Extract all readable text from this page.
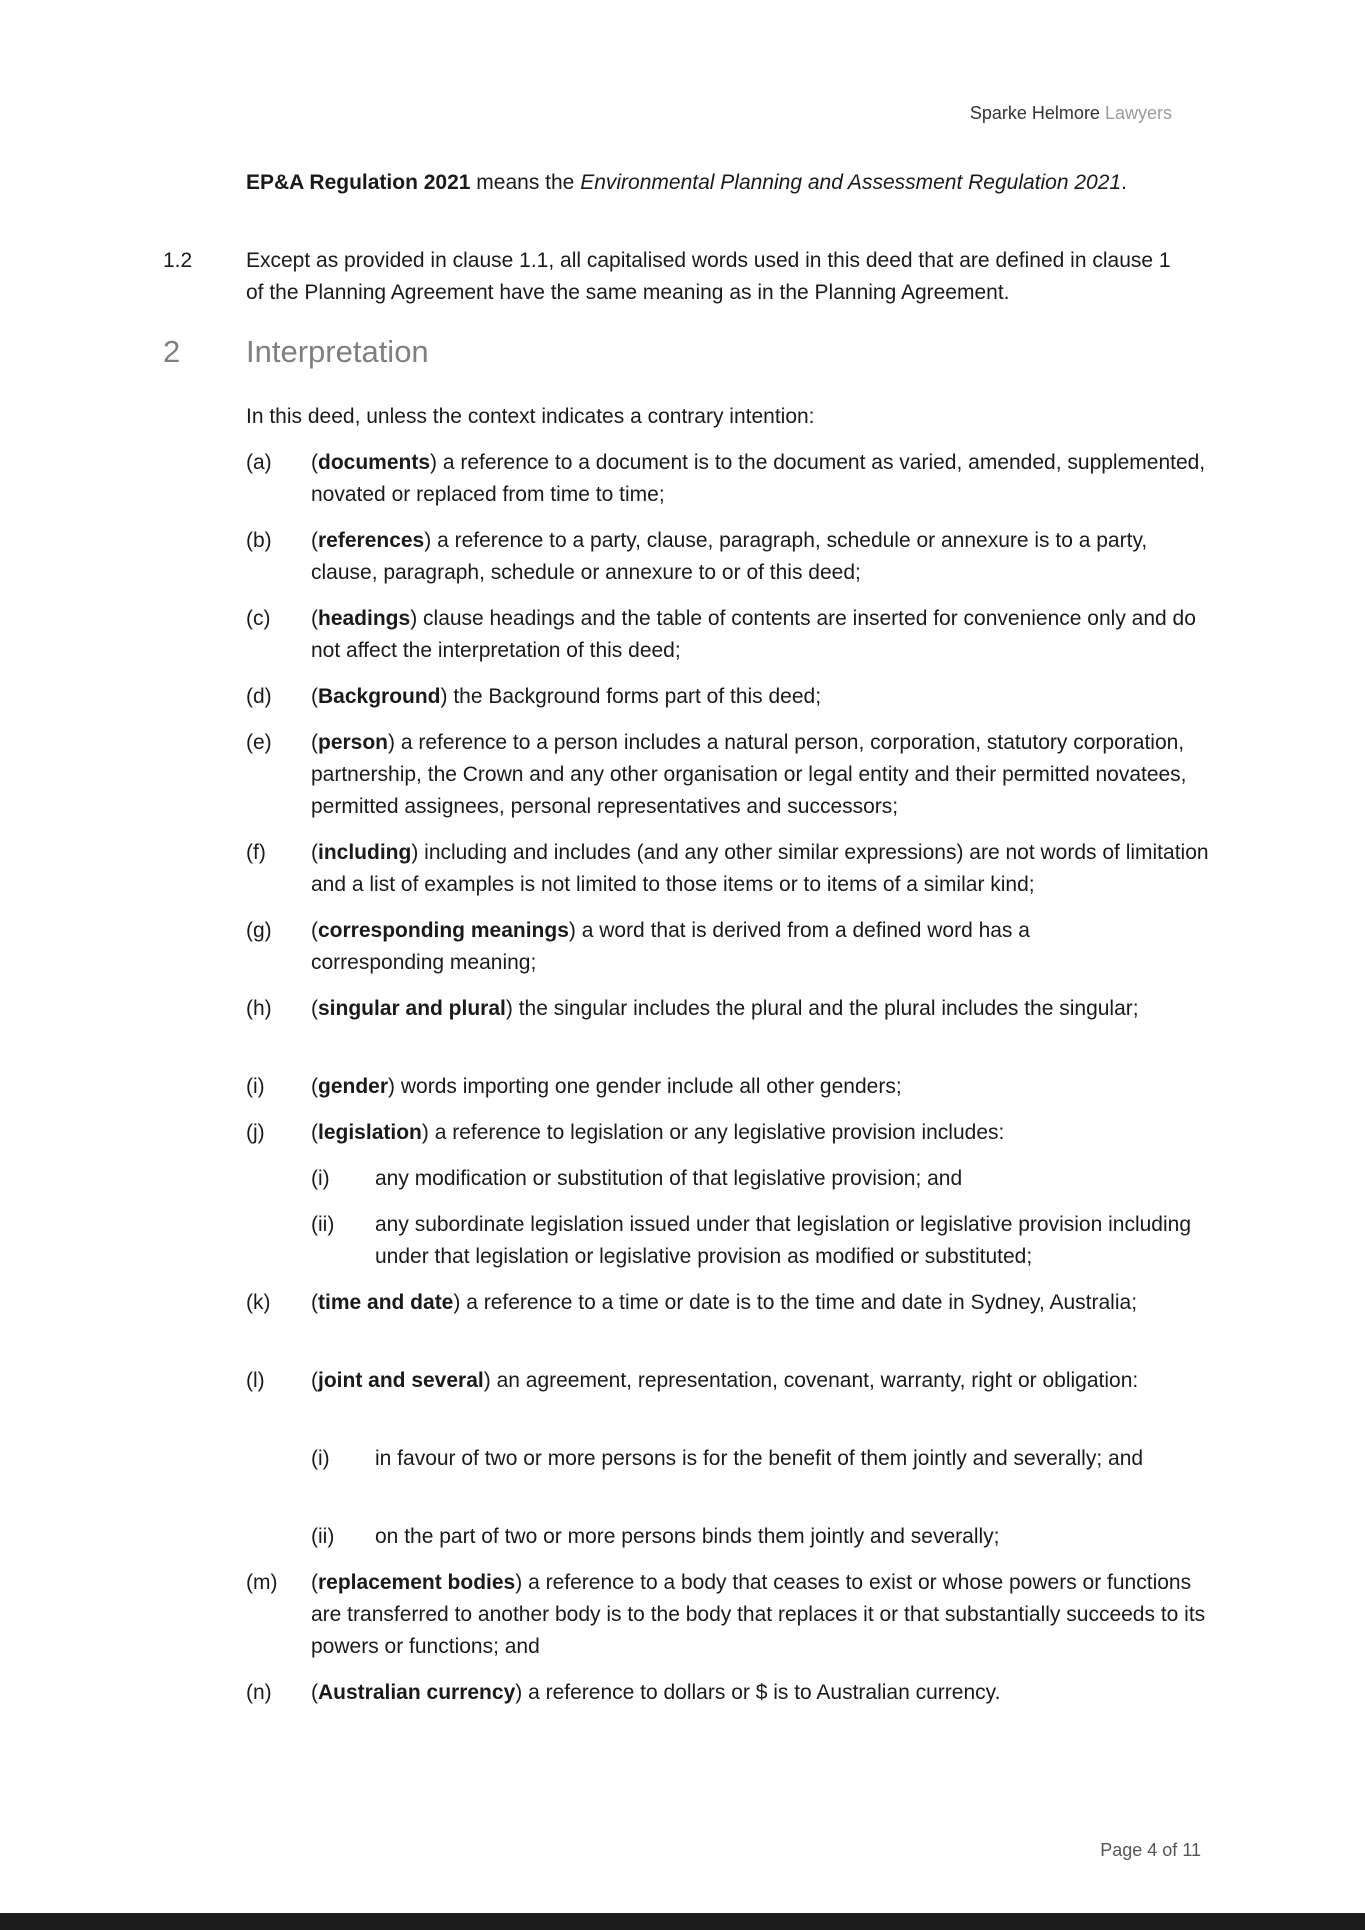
Sparke Helmore Lawyers

EP&A Regulation 2021 means the Environmental Planning and Assessment Regulation 2021.

1.2	Except as provided in clause 1.1, all capitalised words used in this deed that are defined in clause 1 of the Planning Agreement have the same meaning as in the Planning Agreement.

2 Interpretation

In this deed, unless the context indicates a contrary intention:

(a) (documents) a reference to a document is to the document as varied, amended, supplemented, novated or replaced from time to time;

(b) (references) a reference to a party, clause, paragraph, schedule or annexure is to a party, clause, paragraph, schedule or annexure to or of this deed;

(c) (headings) clause headings and the table of contents are inserted for convenience only and do not affect the interpretation of this deed;

(d) (Background) the Background forms part of this deed;

(e) (person) a reference to a person includes a natural person, corporation, statutory corporation, partnership, the Crown and any other organisation or legal entity and their permitted novatees, permitted assignees, personal representatives and successors;

(f) (including) including and includes (and any other similar expressions) are not words of limitation and a list of examples is not limited to those items or to items of a similar kind;

(g) (corresponding meanings) a word that is derived from a defined word has a corresponding meaning;

(h) (singular and plural) the singular includes the plural and the plural includes the singular;

(i) (gender) words importing one gender include all other genders;

(j) (legislation) a reference to legislation or any legislative provision includes:

(i) any modification or substitution of that legislative provision; and

(ii) any subordinate legislation issued under that legislation or legislative provision including under that legislation or legislative provision as modified or substituted;

(k) (time and date) a reference to a time or date is to the time and date in Sydney, Australia;

(l) (joint and several) an agreement, representation, covenant, warranty, right or obligation:

(i) in favour of two or more persons is for the benefit of them jointly and severally; and

(ii) on the part of two or more persons binds them jointly and severally;

(m) (replacement bodies) a reference to a body that ceases to exist or whose powers or functions are transferred to another body is to the body that replaces it or that substantially succeeds to its powers or functions; and

(n) (Australian currency) a reference to dollars or $ is to Australian currency.

Page 4 of 11
